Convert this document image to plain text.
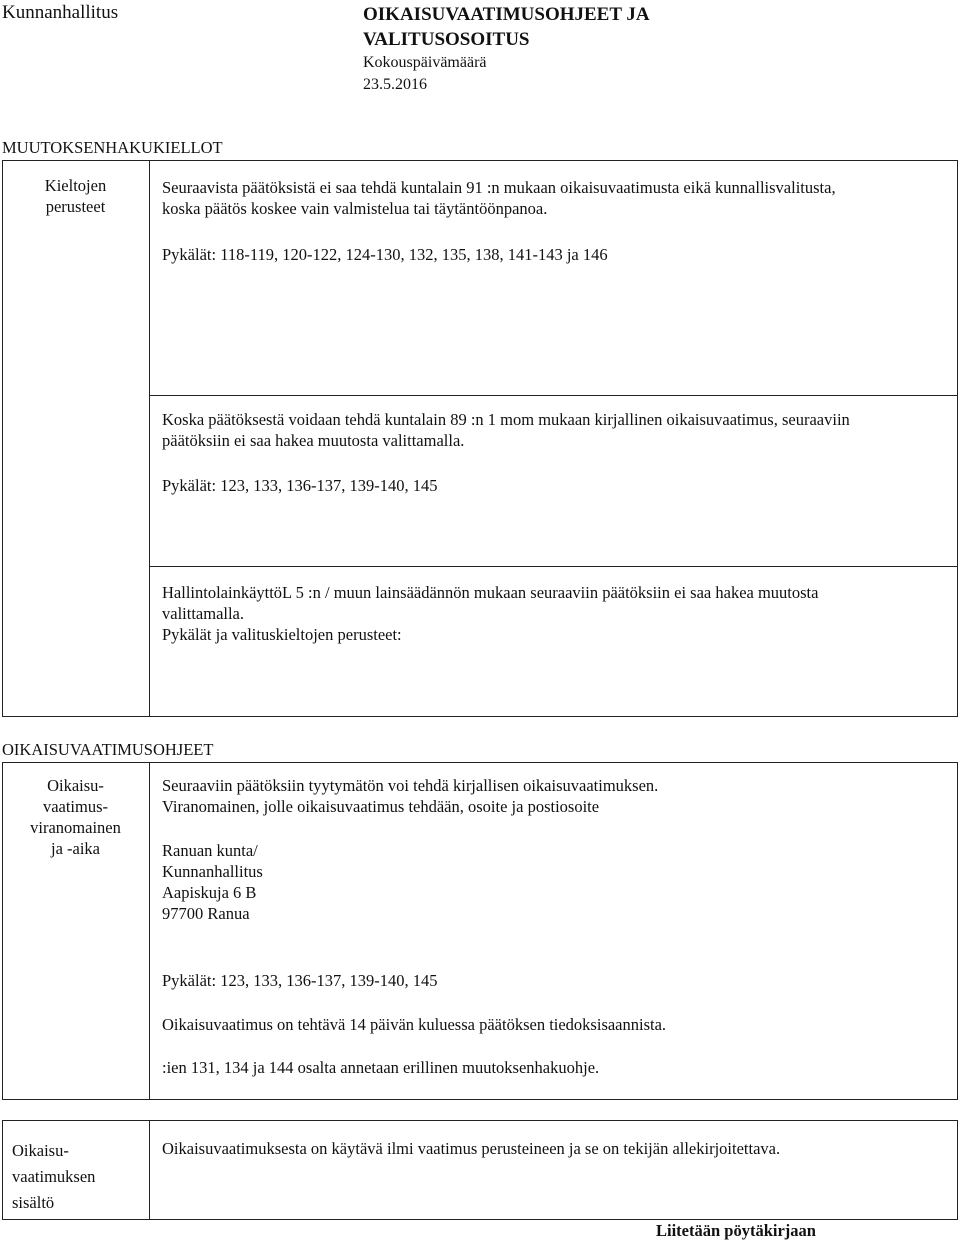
Kunnanhallitus	OIKAISUVAATIMUSOHJEET JA
VALITUSOSOITUS
Kokouspäivämäärä
23.5.2016
MUUTOKSENHAKUKIELLOT
Kieltojen
perusteet
Seuraavista päätöksistä ei saa tehdä kuntalain 91 :n mukaan oikaisuvaatimusta eikä kunnallisvalitusta,
koska päätös koskee vain valmistelua tai täytäntöönpanoa.
Pykälät: 118-119, 120-122, 124-130, 132, 135, 138, 141-143 ja 146
Koska päätöksestä voidaan tehdä kuntalain 89 :n 1 mom mukaan kirjallinen oikaisuvaatimus, seuraaviin
päätöksiin ei saa hakea muutosta valittamalla.
Pykälät: 123, 133, 136-137, 139-140, 145
HallintolainkäyttöL 5 :n / muun lainsäädännön mukaan seuraaviin päätöksiin ei saa hakea muutosta
valittamalla.
Pykälät ja valituskieltojen perusteet:
OIKAISUVAATIMUSOHJEET
Oikaisu-
vaatimus-
viranomainen
ja -aika
Seuraaviin päätöksiin tyytymätön voi tehdä kirjallisen oikaisuvaatimuksen.
Viranomainen, jolle oikaisuvaatimus tehdään, osoite ja postiosoite
Ranuan kunta/
Kunnanhallitus
Aapiskuja 6 B
97700 Ranua
Pykälät: 123, 133, 136-137, 139-140, 145
Oikaisuvaatimus on tehtävä 14 päivän kuluessa päätöksen tiedoksisaannista.
:ien 131, 134 ja 144 osalta annetaan erillinen muutoksenhakuohje.
Oikaisu-
vaatimuksen
sisältö
Oikaisuvaatimuksesta on käytävä ilmi vaatimus perusteineen ja se on tekijän allekirjoitettava.
Liitetään pöytäkirjaan
